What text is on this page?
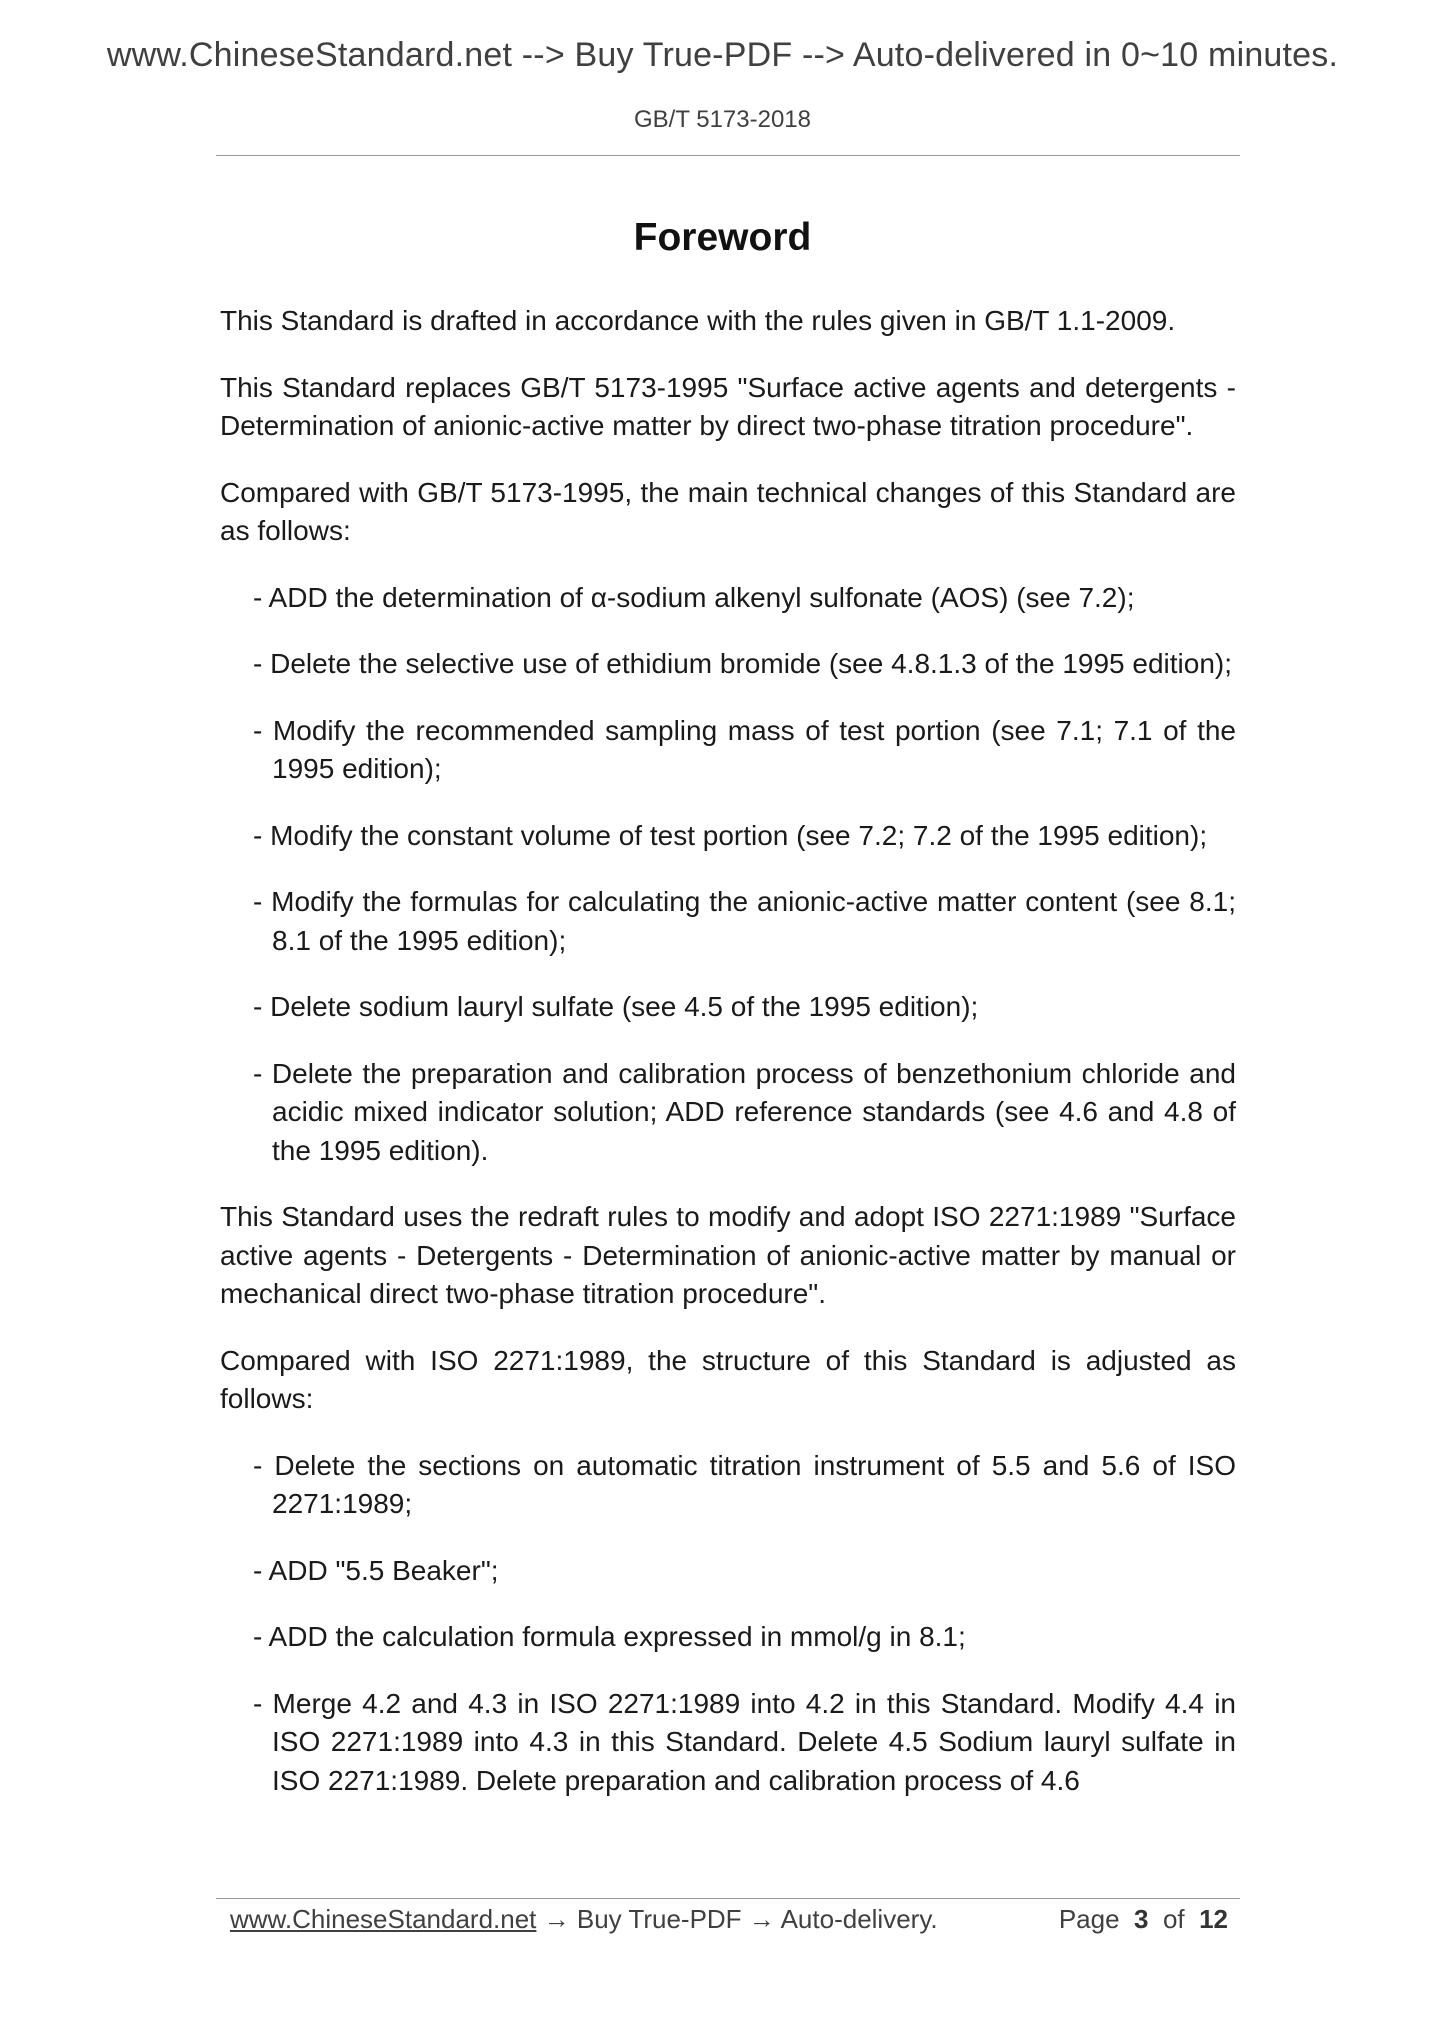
www.ChineseStandard.net --> Buy True-PDF --> Auto-delivered in 0~10 minutes.
GB/T 5173-2018
Foreword

This Standard is drafted in accordance with the rules given in GB/T 1.1-2009.

This Standard replaces GB/T 5173-1995 "Surface active agents and detergents - Determination of anionic-active matter by direct two-phase titration procedure".

Compared with GB/T 5173-1995, the main technical changes of this Standard are as follows:

- ADD the determination of α-sodium alkenyl sulfonate (AOS) (see 7.2);

- Delete the selective use of ethidium bromide (see 4.8.1.3 of the 1995 edition);

- Modify the recommended sampling mass of test portion (see 7.1; 7.1 of the 1995 edition);

- Modify the constant volume of test portion (see 7.2; 7.2 of the 1995 edition);

- Modify the formulas for calculating the anionic-active matter content (see 8.1; 8.1 of the 1995 edition);

- Delete sodium lauryl sulfate (see 4.5 of the 1995 edition);

- Delete the preparation and calibration process of benzethonium chloride and acidic mixed indicator solution; ADD reference standards (see 4.6 and 4.8 of the 1995 edition).

This Standard uses the redraft rules to modify and adopt ISO 2271:1989 "Surface active agents - Detergents - Determination of anionic-active matter by manual or mechanical direct two-phase titration procedure".

Compared with ISO 2271:1989, the structure of this Standard is adjusted as follows:

- Delete the sections on automatic titration instrument of 5.5 and 5.6 of ISO 2271:1989;

- ADD "5.5 Beaker";

- ADD the calculation formula expressed in mmol/g in 8.1;

- Merge 4.2 and 4.3 in ISO 2271:1989 into 4.2 in this Standard. Modify 4.4 in ISO 2271:1989 into 4.3 in this Standard. Delete 4.5 Sodium lauryl sulfate in ISO 2271:1989. Delete preparation and calibration process of 4.6

www.ChineseStandard.net → Buy True-PDF → Auto-delivery.	Page 3 of 12
